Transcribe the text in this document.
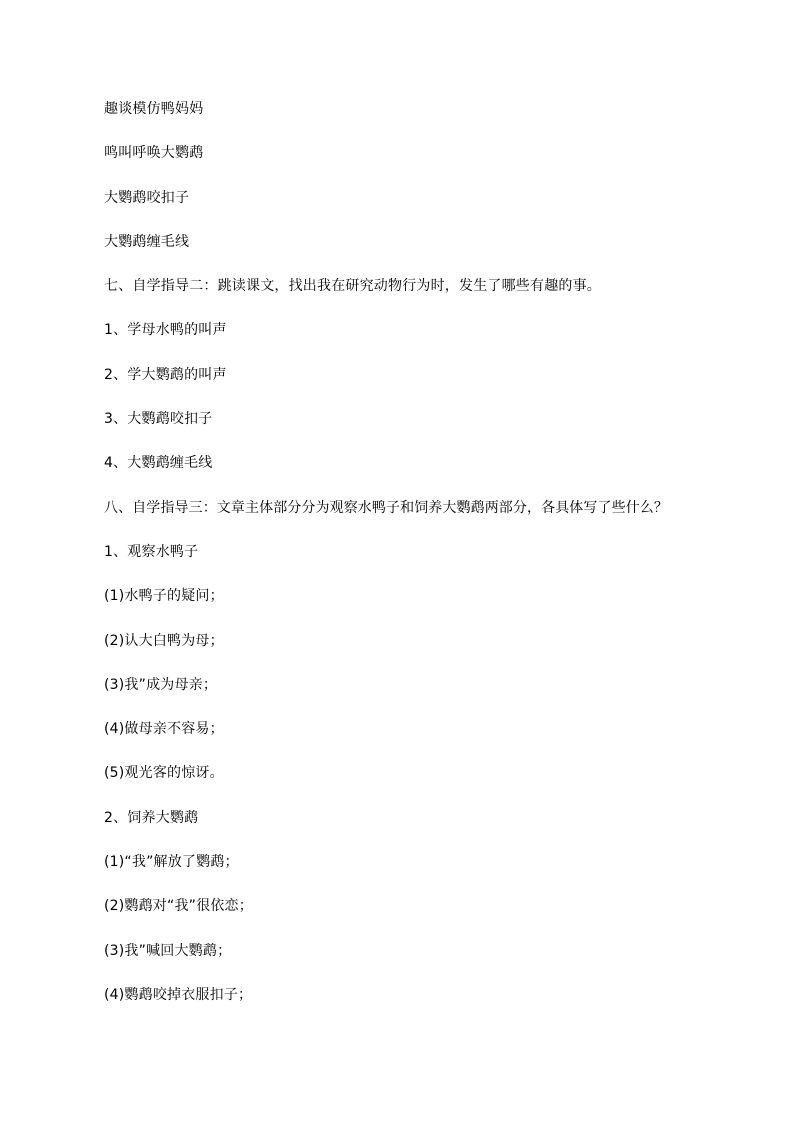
趣谈模仿鸭妈妈

鸣叫呼唤大鹦鹉

大鹦鹉咬扣子

大鹦鹉缠毛线

七、自学指导二：跳读课文，找出我在研究动物行为时，发生了哪些有趣的事。

1、学母水鸭的叫声

2、学大鹦鹉的叫声

3、大鹦鹉咬扣子

4、大鹦鹉缠毛线

八、自学指导三：文章主体部分分为观察水鸭子和饲养大鹦鹉两部分，各具体写了些什么？

1、观察水鸭子

(1)水鸭子的疑问；

(2)认大白鸭为母；

(3)我”成为母亲；

(4)做母亲不容易；

(5)观光客的惊讶。

2、饲养大鹦鹉

(1)“我”解放了鹦鹉；

(2)鹦鹉对“我”很依恋；

(3)我”喊回大鹦鹉；

(4)鹦鹉咬掉衣服扣子；
